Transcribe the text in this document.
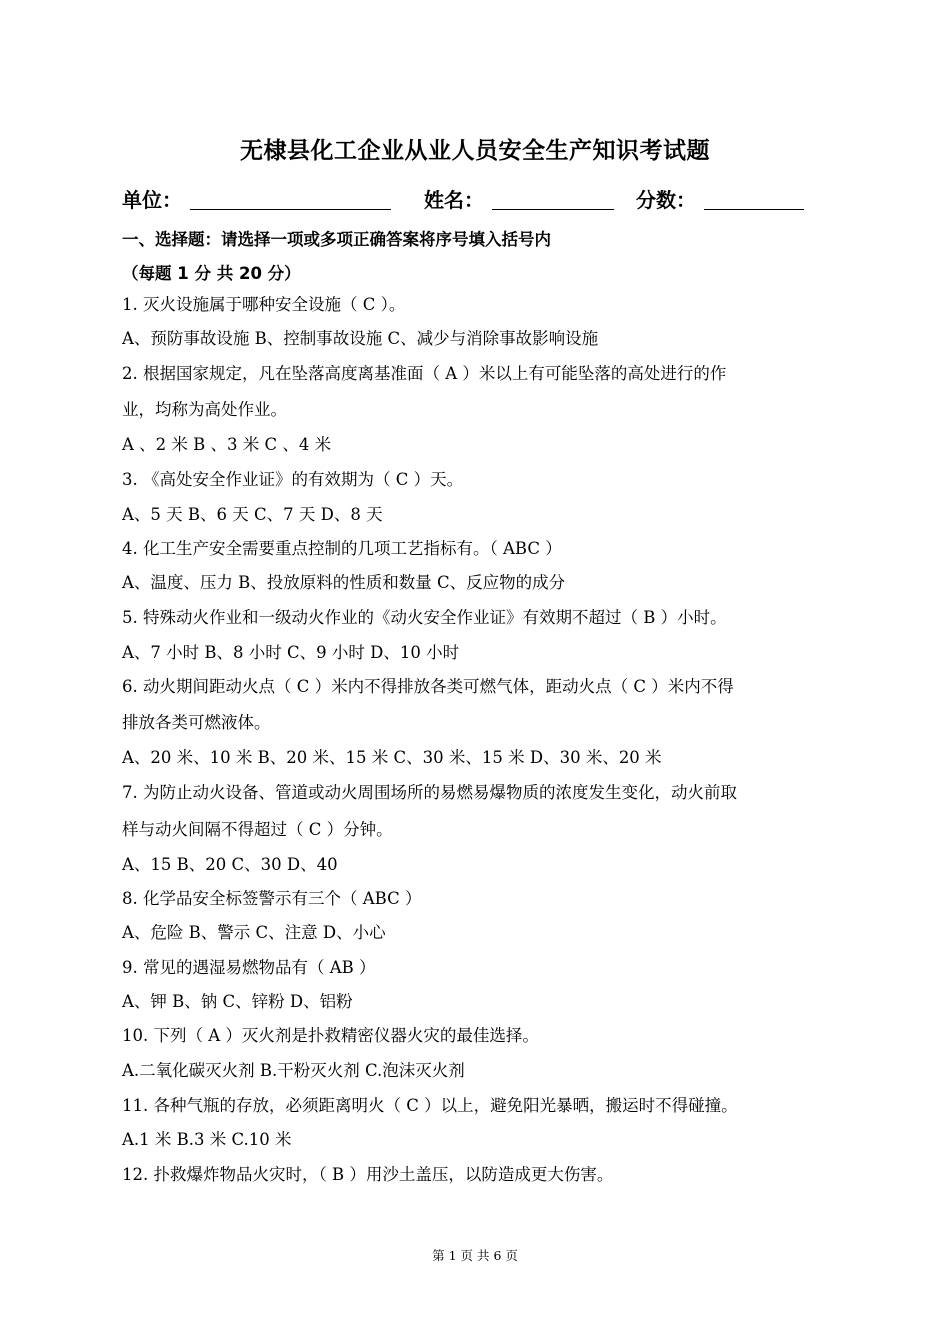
无棣县化工企业从业人员安全生产知识考试题
单位：	姓名：	分数：
一、选择题：请选择一项或多项正确答案将序号填入括号内
（每题 1 分 共 20 分）
1. 灭火设施属于哪种安全设施（ C ）。
A、预防事故设施 B、控制事故设施 C、减少与消除事故影响设施
2. 根据国家规定，凡在坠落高度离基准面（ A ）米以上有可能坠落的高处进行的作
业，均称为高处作业。
A 、2 米 B 、3 米 C 、4 米
3. 《高处安全作业证》的有效期为（ C ）天。
A、5 天 B、6 天 C、7 天 D、8 天
4. 化工生产安全需要重点控制的几项工艺指标有。（ ABC ）
A、温度、压力 B、投放原料的性质和数量 C、反应物的成分
5. 特殊动火作业和一级动火作业的《动火安全作业证》有效期不超过（ B ）小时。
A、7 小时 B、8 小时 C、9 小时 D、10 小时
6. 动火期间距动火点（ C ）米内不得排放各类可燃气体，距动火点（ C ）米内不得
排放各类可燃液体。
A、20 米、10 米 B、20 米、15 米 C、30 米、15 米 D、30 米、20 米
7. 为防止动火设备、管道或动火周围场所的易燃易爆物质的浓度发生变化，动火前取
样与动火间隔不得超过（ C ）分钟。
A、15 B、20 C、30 D、40
8. 化学品安全标签警示有三个（ ABC ）
A、危险 B、警示 C、注意 D、小心
9. 常见的遇湿易燃物品有（ AB ）
A、钾 B、钠 C、锌粉 D、铝粉
10. 下列（ A ）灭火剂是扑救精密仪器火灾的最佳选择。
A.二氧化碳灭火剂 B.干粉灭火剂 C.泡沫灭火剂
11. 各种气瓶的存放，必须距离明火（ C ）以上，避免阳光暴晒，搬运时不得碰撞。
A.1 米 B.3 米 C.10 米
12. 扑救爆炸物品火灾时，（ B ）用沙土盖压，以防造成更大伤害。
第 1 页 共 6 页
